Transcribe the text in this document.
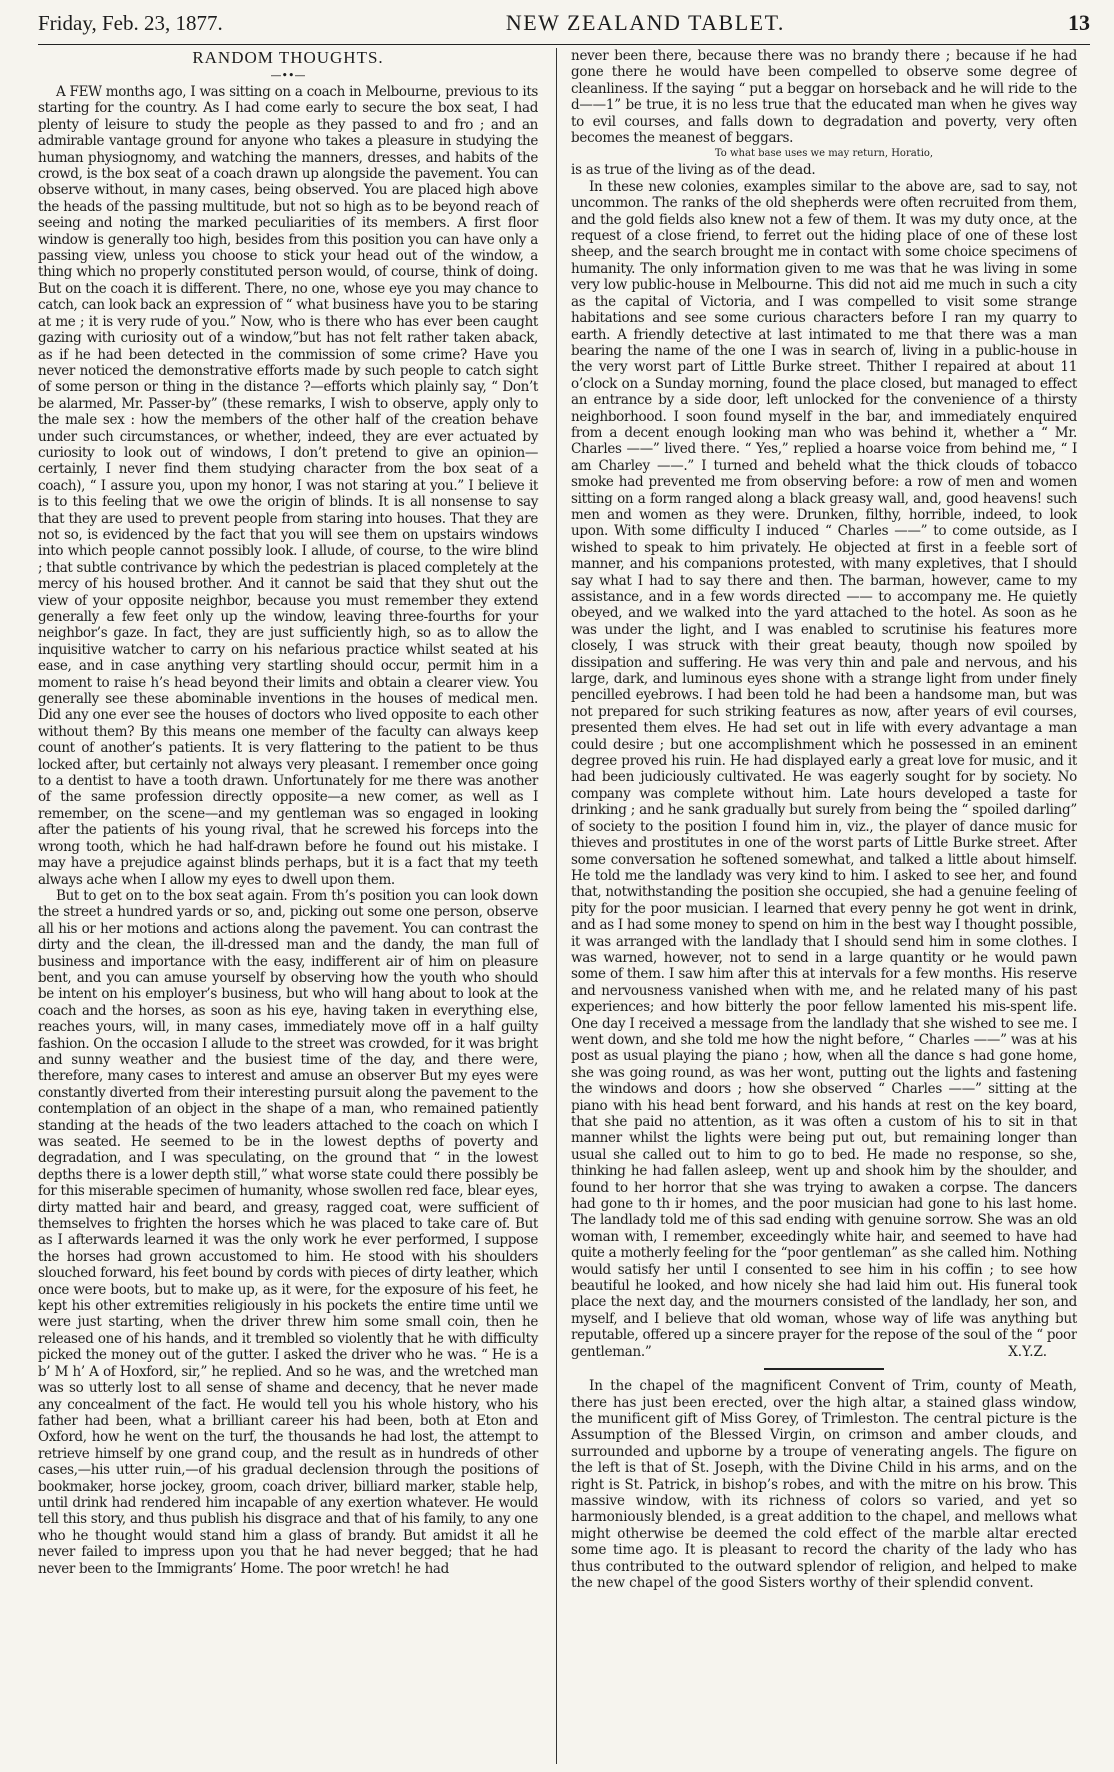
Friday, Feb. 23, 1877.	NEW ZEALAND TABLET.	13
RANDOM THOUGHTS.
—••—

A FEW months ago, I was sitting on a coach in Melbourne, previous to its starting for the country. As I had come early to secure the box seat, I had plenty of leisure to study the people as they passed to and fro ; and an admirable vantage ground for anyone who takes a pleasure in studying the human physiognomy, and watching the manners, dresses, and habits of the crowd, is the box seat of a coach drawn up alongside the pavement. You can observe without, in many cases, being observed. You are placed high above the heads of the passing multitude, but not so high as to be beyond reach of seeing and noting the marked peculiarities of its members. A first floor window is generally too high, besides from this position you can have only a passing view, unless you choose to stick your head out of the window, a thing which no properly constituted person would, of course, think of doing. But on the coach it is different. There, no one, whose eye you may chance to catch, can look back an expression of “ what business have you to be staring at me ; it is very rude of you.” Now, who is there who has ever been caught gazing with curiosity out of a window,”but has not felt rather taken aback, as if he had been detected in the commission of some crime? Have you never noticed the demonstrative efforts made by such people to catch sight of some person or thing in the distance ?—efforts which plainly say, “ Don’t be alarmed, Mr. Passer-by” (these remarks, I wish to observe, apply only to the male sex : how the members of the other half of the creation behave under such circumstances, or whether, indeed, they are ever actuated by curiosity to look out of windows, I don’t pretend to give an opinion—certainly, I never find them studying character from the box seat of a coach), “ I assure you, upon my honor, I was not staring at you.” I believe it is to this feeling that we owe the origin of blinds. It is all nonsense to say that they are used to prevent people from staring into houses. That they are not so, is evidenced by the fact that you will see them on upstairs windows into which people cannot possibly look. I allude, of course, to the wire blind ; that subtle contrivance by which the pedestrian is placed completely at the mercy of his housed brother. And it cannot be said that they shut out the view of your opposite neighbor, because you must remember they extend generally a few feet only up the window, leaving three-fourths for your neighbor’s gaze. In fact, they are just sufficiently high, so as to allow the inquisitive watcher to carry on his nefarious practice whilst seated at his ease, and in case anything very startling should occur, permit him in a moment to raise h’s head beyond their limits and obtain a clearer view. You generally see these abominable inventions in the houses of medical men. Did any one ever see the houses of doctors who lived opposite to each other without them? By this means one member of the faculty can always keep count of another’s patients. It is very flattering to the patient to be thus locked after, but certainly not always very pleasant. I remember once going to a dentist to have a tooth drawn. Unfortunately for me there was another of the same profession directly opposite—a new comer, as well as I remember, on the scene—and my gentleman was so engaged in looking after the patients of his young rival, that he screwed his forceps into the wrong tooth, which he had half-drawn before he found out his mistake. I may have a prejudice against blinds perhaps, but it is a fact that my teeth always ache when I allow my eyes to dwell upon them.

But to get on to the box seat again. From th’s position you can look down the street a hundred yards or so, and, picking out some one person, observe all his or her motions and actions along the pavement. You can contrast the dirty and the clean, the ill-dressed man and the dandy, the man full of business and importance with the easy, indifferent air of him on pleasure bent, and you can amuse yourself by observing how the youth who should be intent on his employer’s business, but who will hang about to look at the coach and the horses, as soon as his eye, having taken in everything else, reaches yours, will, in many cases, immediately move off in a half guilty fashion. On the occasion I allude to the street was crowded, for it was bright and sunny weather and the busiest time of the day, and there were, therefore, many cases to interest and amuse an observer But my eyes were constantly diverted from their interesting pursuit along the pavement to the contemplation of an object in the shape of a man, who remained patiently standing at the heads of the two leaders attached to the coach on which I was seated. He seemed to be in the lowest depths of poverty and degradation, and I was speculating, on the ground that “ in the lowest depths there is a lower depth still,” what worse state could there possibly be for this miserable specimen of humanity, whose swollen red face, blear eyes, dirty matted hair and beard, and greasy, ragged coat, were sufficient of themselves to frighten the horses which he was placed to take care of. But as I afterwards learned it was the only work he ever performed, I suppose the horses had grown accustomed to him. He stood with his shoulders slouched forward, his feet bound by cords with pieces of dirty leather, which once were boots, but to make up, as it were, for the exposure of his feet, he kept his other extremities religiously in his pockets the entire time until we were just starting, when the driver threw him some small coin, then he released one of his hands, and it trembled so violently that he with difficulty picked the money out of the gutter. I asked the driver who he was. “ He is a b’ M h’ A of Hoxford, sir,” he replied. And so he was, and the wretched man was so utterly lost to all sense of shame and decency, that he never made any concealment of the fact. He would tell you his whole history, who his father had been, what a brilliant career his had been, both at Eton and Oxford, how he went on the turf, the thousands he had lost, the attempt to retrieve himself by one grand coup, and the result as in hundreds of other cases,—his utter ruin,—of his gradual declension through the positions of bookmaker, horse jockey, groom, coach driver, billiard marker, stable help, until drink had rendered him incapable of any exertion whatever. He would tell this story, and thus publish his disgrace and that of his family, to any one who he thought would stand him a glass of brandy. But amidst it all he never failed to impress upon you that he had never begged; that he had never been to the Immigrants’ Home. The poor wretch! he had

never been there, because there was no brandy there ; because if he had gone there he would have been compelled to observe some degree of cleanliness. If the saying “ put a beggar on horseback and he will ride to the d——1” be true, it is no less true that the educated man when he gives way to evil courses, and falls down to degradation and poverty, very often becomes the meanest of beggars.

To what base uses we may return, Horatio,

is as true of the living as of the dead.

In these new colonies, examples similar to the above are, sad to say, not uncommon. The ranks of the old shepherds were often recruited from them, and the gold fields also knew not a few of them. It was my duty once, at the request of a close friend, to ferret out the hiding place of one of these lost sheep, and the search brought me in contact with some choice specimens of humanity. The only information given to me was that he was living in some very low public-house in Melbourne. This did not aid me much in such a city as the capital of Victoria, and I was compelled to visit some strange habitations and see some curious characters before I ran my quarry to earth. A friendly detective at last intimated to me that there was a man bearing the name of the one I was in search of, living in a public-house in the very worst part of Little Burke street. Thither I repaired at about 11 o’clock on a Sunday morning, found the place closed, but managed to effect an entrance by a side door, left unlocked for the convenience of a thirsty neighborhood. I soon found myself in the bar, and immediately enquired from a decent enough looking man who was behind it, whether a “ Mr. Charles ——” lived there. “ Yes,” replied a hoarse voice from behind me, “ I am Charley ——.” I turned and beheld what the thick clouds of tobacco smoke had prevented me from observing before: a row of men and women sitting on a form ranged along a black greasy wall, and, good heavens! such men and women as they were. Drunken, filthy, horrible, indeed, to look upon. With some difficulty I induced “ Charles ——” to come outside, as I wished to speak to him privately. He objected at first in a feeble sort of manner, and his companions protested, with many expletives, that I should say what I had to say there and then. The barman, however, came to my assistance, and in a few words directed —— to accompany me. He quietly obeyed, and we walked into the yard attached to the hotel. As soon as he was under the light, and I was enabled to scrutinise his features more closely, I was struck with their great beauty, though now spoiled by dissipation and suffering. He was very thin and pale and nervous, and his large, dark, and luminous eyes shone with a strange light from under finely pencilled eyebrows. I had been told he had been a handsome man, but was not prepared for such striking features as now, after years of evil courses, presented them elves. He had set out in life with every advantage a man could desire ; but one accomplishment which he possessed in an eminent degree proved his ruin. He had displayed early a great love for music, and it had been judiciously cultivated. He was eagerly sought for by society. No company was complete without him. Late hours developed a taste for drinking ; and he sank gradually but surely from being the “ spoiled darling” of society to the position I found him in, viz., the player of dance music for thieves and prostitutes in one of the worst parts of Little Burke street. After some conversation he softened somewhat, and talked a little about himself. He told me the landlady was very kind to him. I asked to see her, and found that, notwithstanding the position she occupied, she had a genuine feeling of pity for the poor musician. I learned that every penny he got went in drink, and as I had some money to spend on him in the best way I thought possible, it was arranged with the landlady that I should send him in some clothes. I was warned, however, not to send in a large quantity or he would pawn some of them. I saw him after this at intervals for a few months. His reserve and nervousness vanished when with me, and he related many of his past experiences; and how bitterly the poor fellow lamented his mis-spent life. One day I received a message from the landlady that she wished to see me. I went down, and she told me how the night before, “ Charles ——” was at his post as usual playing the piano ; how, when all the dance s had gone home, she was going round, as was her wont, putting out the lights and fastening the windows and doors ; how she observed “ Charles ——” sitting at the piano with his head bent forward, and his hands at rest on the key board, that she paid no attention, as it was often a custom of his to sit in that manner whilst the lights were being put out, but remaining longer than usual she called out to him to go to bed. He made no response, so she, thinking he had fallen asleep, went up and shook him by the shoulder, and found to her horror that she was trying to awaken a corpse. The dancers had gone to th ir homes, and the poor musician had gone to his last home. The landlady told me of this sad ending with genuine sorrow. She was an old woman with, I remember, exceedingly white hair, and seemed to have had quite a motherly feeling for the “poor gentleman” as she called him. Nothing would satisfy her until I consented to see him in his coffin ; to see how beautiful he looked, and how nicely she had laid him out. His funeral took place the next day, and the mourners consisted of the landlady, her son, and myself, and I believe that old woman, whose way of life was anything but reputable, offered up a sincere prayer for the repose of the soul of the “ poor gentleman.”	X.Y.Z.

In the chapel of the magnificent Convent of Trim, county of Meath, there has just been erected, over the high altar, a stained glass window, the munificent gift of Miss Gorey, of Trimleston. The central picture is the Assumption of the Blessed Virgin, on crimson and amber clouds, and surrounded and upborne by a troupe of venerating angels. The figure on the left is that of St. Joseph, with the Divine Child in his arms, and on the right is St. Patrick, in bishop’s robes, and with the mitre on his brow. This massive window, with its richness of colors so varied, and yet so harmoniously blended, is a great addition to the chapel, and mellows what might otherwise be deemed the cold effect of the marble altar erected some time ago. It is pleasant to record the charity of the lady who has thus contributed to the outward splendor of religion, and helped to make the new chapel of the good Sisters worthy of their splendid convent.
